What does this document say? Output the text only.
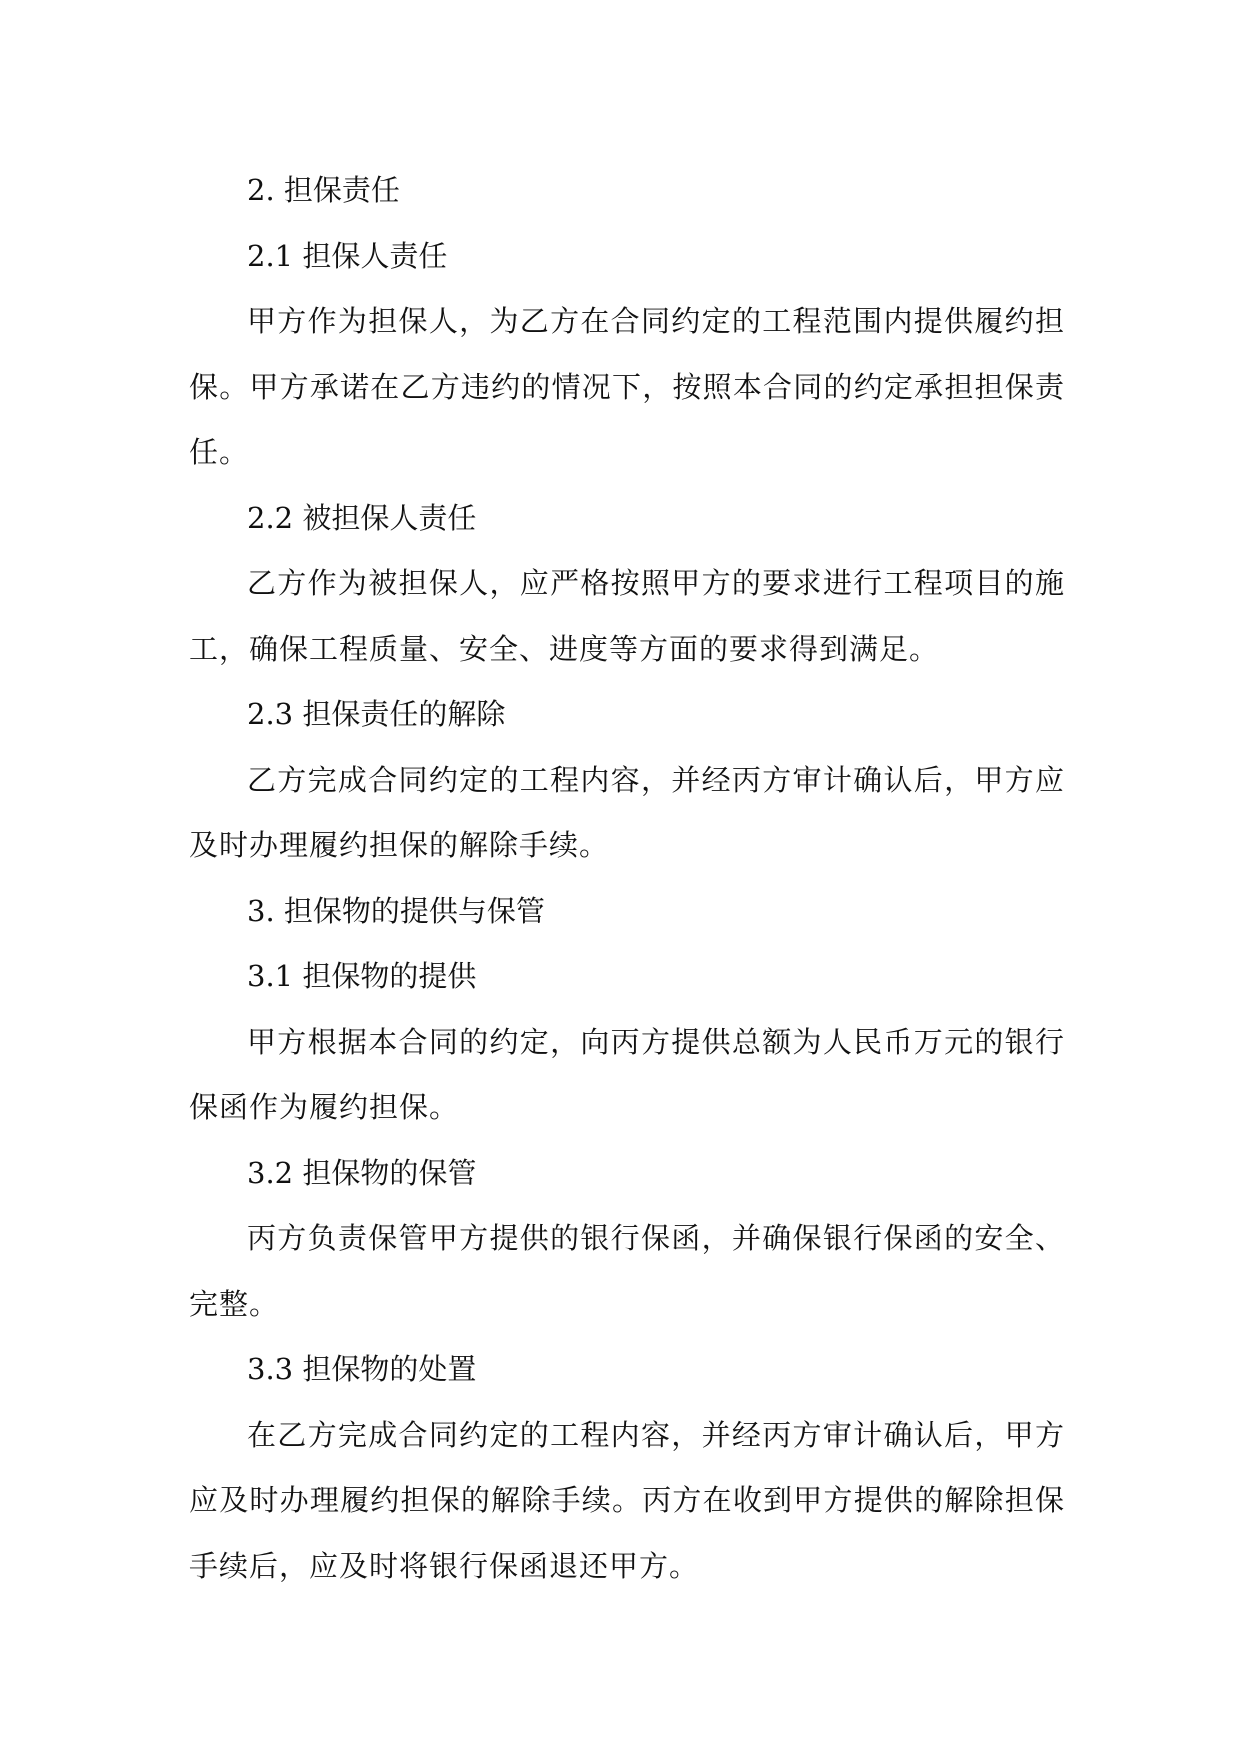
2. 担保责任
2.1 担保人责任
甲方作为担保人，为乙方在合同约定的工程范围内提供履约担保。甲方承诺在乙方违约的情况下，按照本合同的约定承担担保责任。
2.2 被担保人责任
乙方作为被担保人，应严格按照甲方的要求进行工程项目的施工，确保工程质量、安全、进度等方面的要求得到满足。
2.3 担保责任的解除
乙方完成合同约定的工程内容，并经丙方审计确认后，甲方应及时办理履约担保的解除手续。
3. 担保物的提供与保管
3.1 担保物的提供
甲方根据本合同的约定，向丙方提供总额为人民币万元的银行保函作为履约担保。
3.2 担保物的保管
丙方负责保管甲方提供的银行保函，并确保银行保函的安全、完整。
3.3 担保物的处置
在乙方完成合同约定的工程内容，并经丙方审计确认后，甲方应及时办理履约担保的解除手续。丙方在收到甲方提供的解除担保手续后，应及时将银行保函退还甲方。
